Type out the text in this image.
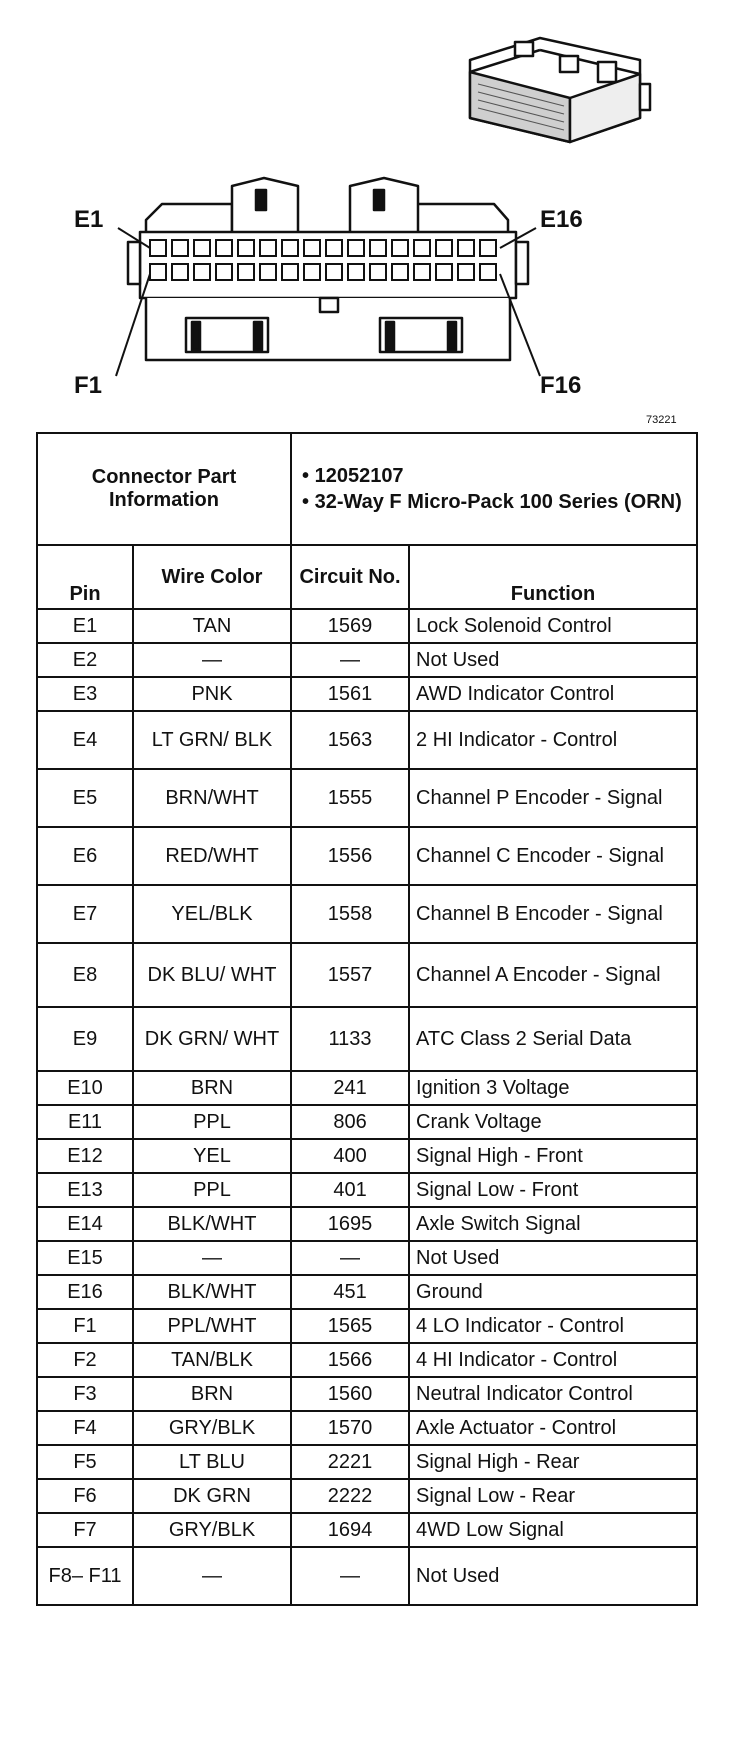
E1	E16
F1	F16
73221
Connector Part Information		• 12052107
• 32-Way F Micro-Pack 100 Series (ORN)	

Pin	Wire Color	Circuit No.	Function
E1	TAN	1569	Lock Solenoid Control
E2	—	—	Not Used
E3	PNK	1561	AWD Indicator Control
E4	LT GRN/ BLK	1563	2 HI Indicator - Control
E5	BRN/WHT	1555	Channel P Encoder - Signal
E6	RED/WHT	1556	Channel C Encoder - Signal
E7	YEL/BLK	1558	Channel B Encoder - Signal
E8	DK BLU/ WHT	1557	Channel A Encoder - Signal
E9	DK GRN/ WHT	1133	ATC Class 2 Serial Data
E10	BRN	241	Ignition 3 Voltage
E11	PPL	806	Crank Voltage
E12	YEL	400	Signal High - Front
E13	PPL	401	Signal Low - Front
E14	BLK/WHT	1695	Axle Switch Signal
E15	—	—	Not Used
E16	BLK/WHT	451	Ground
F1	PPL/WHT	1565	4 LO Indicator - Control
F2	TAN/BLK	1566	4 HI Indicator - Control
F3	BRN	1560	Neutral Indicator Control
F4	GRY/BLK	1570	Axle Actuator - Control
F5	LT BLU	2221	Signal High - Rear
F6	DK GRN	2222	Signal Low - Rear
F7	GRY/BLK	1694	4WD Low Signal
F8– F11	—	—	Not Used
